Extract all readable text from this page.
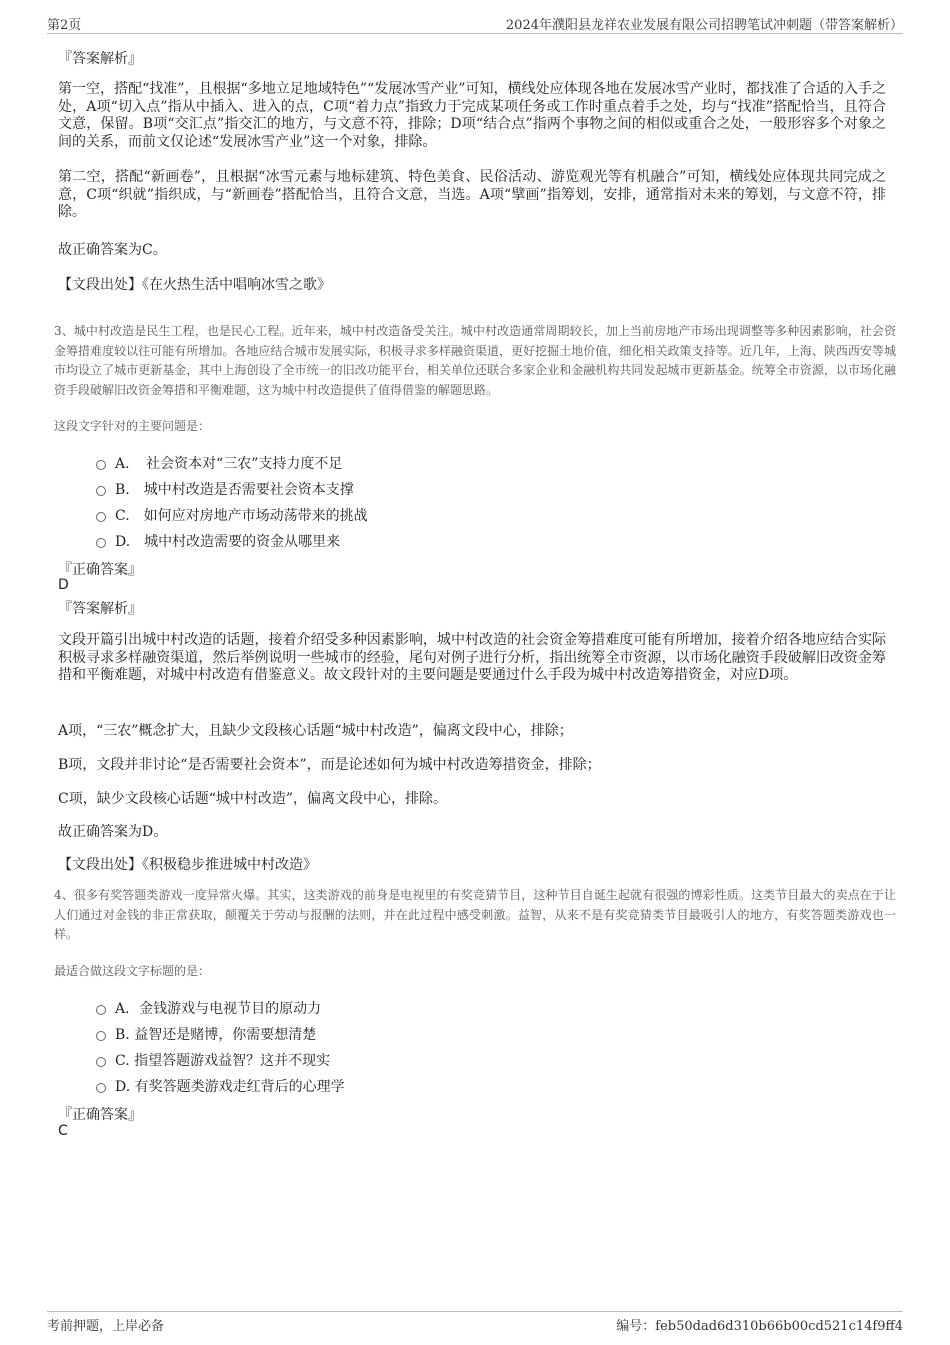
第2页	2024年濮阳县龙祥农业发展有限公司招聘笔试冲刺题（带答案解析）
『答案解析』
第一空，搭配“找准”，且根据“多地立足地域特色”“发展冰雪产业”可知，横线处应体现各地在发展冰雪产业时，都找准了合适的入手之处，A项“切入点”指从中插入、进入的点，C项“着力点”指致力于完成某项任务或工作时重点着手之处，均与“找准”搭配恰当，且符合文意，保留。B项“交汇点”指交汇的地方，与文意不符，排除；D项“结合点”指两个事物之间的相似或重合之处，一般形容多个对象之间的关系，而前文仅论述“发展冰雪产业”这一个对象，排除。
第二空，搭配“新画卷”，且根据“冰雪元素与地标建筑、特色美食、民俗活动、游览观光等有机融合”可知，横线处应体现共同完成之意，C项“织就”指织成，与“新画卷”搭配恰当，且符合文意，当选。A项“擘画”指筹划，安排，通常指对未来的筹划，与文意不符，排除。
故正确答案为C。
【文段出处】《在火热生活中唱响冰雪之歌》
3、城中村改造是民生工程，也是民心工程。近年来，城中村改造备受关注。城中村改造通常周期较长，加上当前房地产市场出现调整等多种因素影响，社会资金筹措难度较以往可能有所增加。各地应结合城市发展实际，积极寻求多样融资渠道，更好挖掘土地价值，细化相关政策支持等。近几年，上海、陕西西安等城市均设立了城市更新基金，其中上海创设了全市统一的旧改功能平台，相关单位还联合多家企业和金融机构共同发起城市更新基金。统筹全市资源，以市场化融资手段破解旧改资金筹措和平衡难题，这为城中村改造提供了值得借鉴的解题思路。
这段文字针对的主要问题是：
A．　社会资本对“三农”支持力度不足
B.　城中村改造是否需要社会资本支撑
C.　如何应对房地产市场动荡带来的挑战
D.　城中村改造需要的资金从哪里来
『正确答案』
D
『答案解析』
文段开篇引出城中村改造的话题，接着介绍受多种因素影响，城中村改造的社会资金筹措难度可能有所增加，接着介绍各地应结合实际积极寻求多样融资渠道，然后举例说明一些城市的经验，尾句对例子进行分析，指出统筹全市资源，以市场化融资手段破解旧改资金筹措和平衡难题，对城中村改造有借鉴意义。故文段针对的主要问题是要通过什么手段为城中村改造筹措资金，对应D项。
A项，“三农”概念扩大，且缺少文段核心话题“城中村改造”，偏离文段中心，排除；
B项，文段并非讨论“是否需要社会资本”，而是论述如何为城中村改造筹措资金，排除；
C项，缺少文段核心话题“城中村改造”，偏离文段中心，排除。
故正确答案为D。
【文段出处】《积极稳步推进城中村改造》
4、很多有奖答题类游戏一度异常火爆。其实，这类游戏的前身是电视里的有奖竞猜节目，这种节目自诞生起就有很强的博彩性质。这类节目最大的卖点在于让人们通过对金钱的非正常获取，颠覆关于劳动与报酬的法则，并在此过程中感受刺激。益智，从来不是有奖竞猜类节目最吸引人的地方，有奖答题类游戏也一样。
最适合做这段文字标题的是：
A．金钱游戏与电视节目的原动力
B. 益智还是赌博，你需要想清楚
C. 指望答题游戏益智？这并不现实
D. 有奖答题类游戏走红背后的心理学
『正确答案』
C
考前押题，上岸必备	编号：feb50dad6d310b66b00cd521c14f9ff4
